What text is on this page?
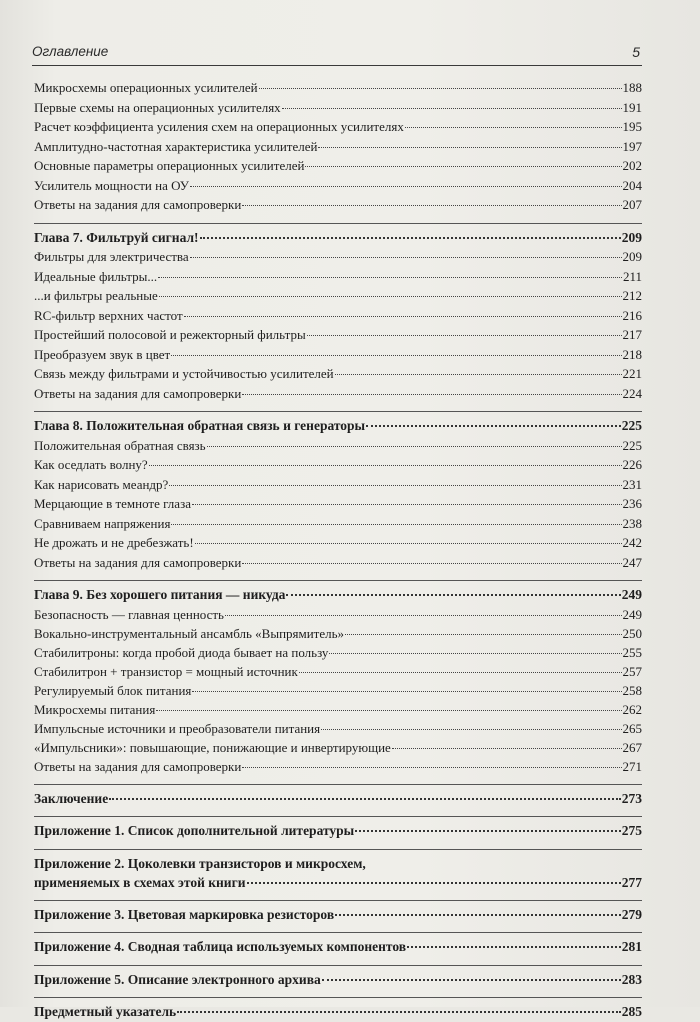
Оглавление	5
Микросхемы операционных усилителей	188
Первые схемы на операционных усилителях	191
Расчет коэффициента усиления схем на операционных усилителях	195
Амплитудно-частотная характеристика усилителей	197
Основные параметры операционных усилителей	202
Усилитель мощности на ОУ	204
Ответы на задания для самопроверки	207
Глава 7. Фильтруй сигнал!	209
Фильтры для электричества	209
Идеальные фильтры...	211
...и фильтры реальные	212
RC-фильтр верхних частот	216
Простейший полосовой и режекторный фильтры	217
Преобразуем звук в цвет	218
Связь между фильтрами и устойчивостью усилителей	221
Ответы на задания для самопроверки	224
Глава 8. Положительная обратная связь и генераторы	225
Положительная обратная связь	225
Как оседлать волну?	226
Как нарисовать меандр?	231
Мерцающие в темноте глаза	236
Сравниваем напряжения	238
Не дрожать и не дребезжать!	242
Ответы на задания для самопроверки	247
Глава 9. Без хорошего питания — никуда	249
Безопасность — главная ценность	249
Вокально-инструментальный ансамбль «Выпрямитель»	250
Стабилитроны: когда пробой диода бывает на пользу	255
Стабилитрон + транзистор = мощный источник	257
Регулируемый блок питания	258
Микросхемы питания	262
Импульсные источники и преобразователи питания	265
«Импульсники»: повышающие, понижающие и инвертирующие	267
Ответы на задания для самопроверки	271
Заключение	273
Приложение 1. Список дополнительной литературы	275
Приложение 2. Цоколевки транзисторов и микросхем,
применяемых в схемах этой книги	277
Приложение 3. Цветовая маркировка резисторов	279
Приложение 4. Сводная таблица используемых компонентов	281
Приложение 5. Описание электронного архива	283
Предметный указатель	285
